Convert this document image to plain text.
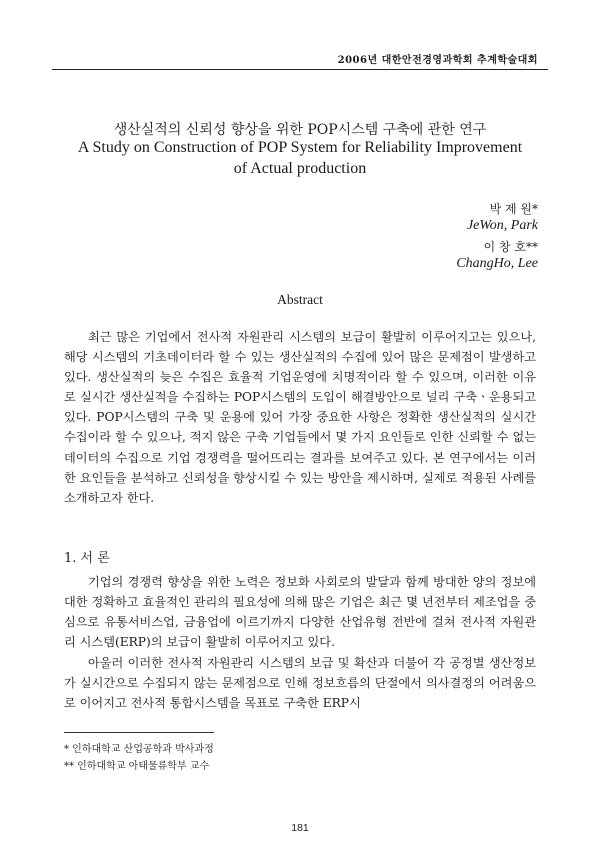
2006년 대한안전경영과학회 추계학술대회
생산실적의 신뢰성 향상을 위한 POP시스템 구축에 관한 연구
A Study on Construction of POP System for Reliability Improvement of Actual production
박 제 원*
JeWon, Park
이 창 호**
ChangHo, Lee
Abstract

최근 많은 기업에서 전사적 자원관리 시스템의 보급이 활발히 이루어지고는 있으나, 해당 시스템의 기초데이터라 할 수 있는 생산실적의 수집에 있어 많은 문제점이 발생하고 있다. 생산실적의 늦은 수집은 효율적 기업운영에 치명적이라 할 수 있으며, 이러한 이유로 실시간 생산실적을 수집하는 POP시스템의 도입이 해결방안으로 널리 구축ㆍ운용되고 있다. POP시스템의 구축 및 운용에 있어 가장 중요한 사항은 정확한 생산실적의 실시간 수집이라 할 수 있으나, 적지 않은 구축 기업들에서 몇 가지 요인들로 인한 신뢰할 수 없는 데이터의 수집으로 기업 경쟁력을 떨어뜨리는 결과를 보여주고 있다. 본 연구에서는 이러한 요인들을 분석하고 신뢰성을 향상시킬 수 있는 방안을 제시하며, 실제로 적용된 사례를 소개하고자 한다.

1. 서 론

기업의 경쟁력 향상을 위한 노력은 정보화 사회로의 발달과 함께 방대한 양의 정보에 대한 정확하고 효율적인 관리의 필요성에 의해 많은 기업은 최근 몇 년전부터 제조업을 중심으로 유통서비스업, 금융업에 이르기까지 다양한 산업유형 전반에 걸쳐 전사적 자원관리 시스템(ERP)의 보급이 활발히 이루어지고 있다.

아울러 이러한 전사적 자원관리 시스템의 보급 및 확산과 더불어 각 공정별 생산정보가 실시간으로 수집되지 않는 문제점으로 인해 정보흐름의 단절에서 의사결정의 어려움으로 이어지고 전사적 통합시스템을 목표로 구축한 ERP시

* 인하대학교 산업공학과 박사과정
** 인하대학교 아태물류학부 교수
181
